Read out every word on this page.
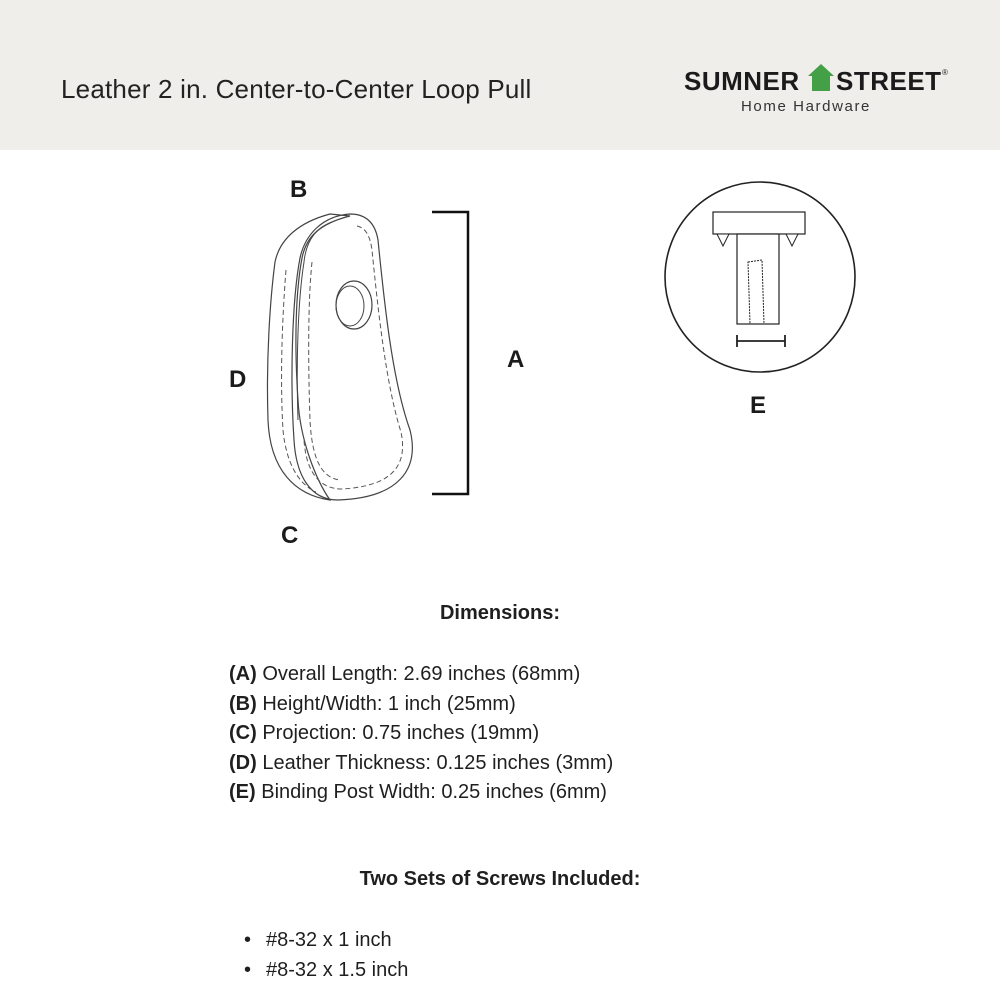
Leather 2 in. Center-to-Center Loop Pull	SUMNER STREET ®
Home Hardware
B
A
D
C
E
Dimensions:
(A) Overall Length: 2.69 inches (68mm)
(B) Height/Width: 1 inch (25mm)
(C) Projection: 0.75 inches (19mm)
(D) Leather Thickness: 0.125 inches (3mm)
(E) Binding Post Width: 0.25 inches (6mm)
Two Sets of Screws Included:
• #8-32 x 1 inch
• #8-32 x 1.5 inch
